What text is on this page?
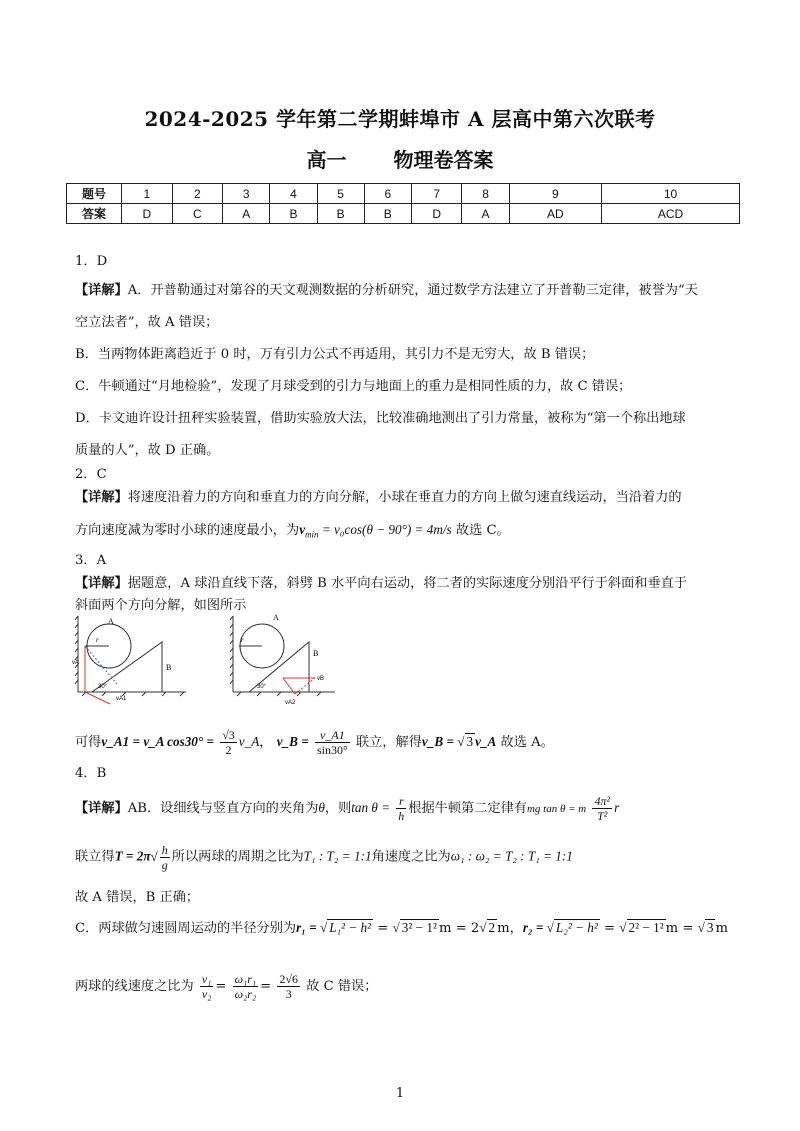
2024-2025 学年第二学期蚌埠市 A 层高中第六次联考
高一　 物理卷答案
题号	1	2	3	4	5	6	7	8	9	10
答案	D	C	A	B	B	B	D	A	AD	ACD
1．D
【详解】A．开普勒通过对第谷的天文观测数据的分析研究，通过数学方法建立了开普勒三定律，被誉为“天
空立法者”，故 A 错误；
B．当两物体距离趋近于 0 时，万有引力公式不再适用，其引力不是无穷大，故 B 错误；
C．牛顿通过“月地检验”，发现了月球受到的引力与地面上的重力是相同性质的力，故 C 错误；
D．卡文迪许设计扭秤实验装置，借助实验放大法，比较准确地测出了引力常量，被称为“第一个称出地球
质量的人”，故 D 正确。
2．C
【详解】将速度沿着力的方向和垂直力的方向分解，小球在垂直力的方向上做匀速直线运动，当沿着力的
方向速度减为零时小球的速度最小，为$v_{min} = v_0\cos(\theta - 90^\circ) = 4m/s$ 故选 C。
3．A
【详解】据题意，A 球沿直线下落，斜劈 B 水平向右运动，将二者的实际速度分别沿平行于斜面和垂直于
斜面两个方向分解，如图所示
A
B
r
30°
vA
vA1
A
B
r
30°
vB
vA2
可得v_A1 = v_A $\cos 30^\circ = \frac{√3}{2}$ v_A， v_B = $\frac{v\_A1}{\sin 30^\circ}$ 联立，解得v_B = √ 3 v_A 故选 A。
4．B
【详解】AB．设细线与竖直方向的夹角为θ，则$\tan \theta = \frac{r}{h}$ 根据牛顿第二定律有mg tan θ = m $\frac{\text{4π²}}{\text{T²}}$ r
联立得$T = 2\pi√ \frac{h}{g}$ 所以两球的周期之比为T₁ : T₂ = 1:1角速度之比为ω₁ : ω₂ = T₂ : T₁ = 1:1
故 A 错误，B 正确；
C．两球做匀速圆周运动的半径分别为r₁ = √ L₁² − h² = √ 3² − 1² m = 2√ 2 m，r₂ = √ L₂² − h² = √ 2² − 1² m = √ 3 m
两球的线速度之比为 $\frac{\text{v₁}}{\text{v₂}} = \frac{\text{ω₁r₁}}{\text{ω₂r₂}} = \frac{2√6}{3}$ 故 C 错误；
1
